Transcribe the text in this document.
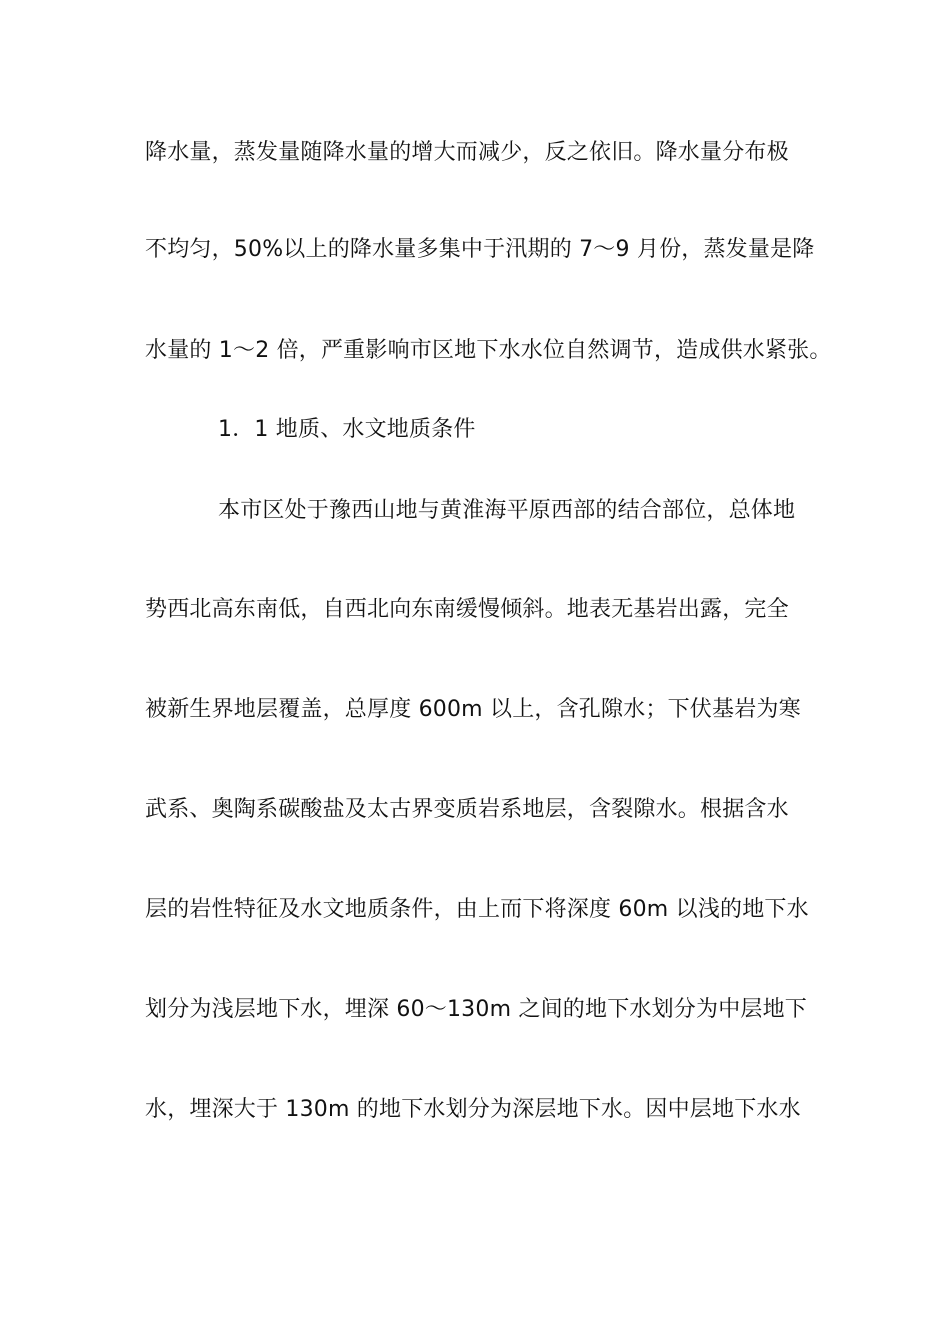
降水量，蒸发量随降水量的增大而减少，反之依旧。降水量分布极
不均匀，50%以上的降水量多集中于汛期的 7～9 月份，蒸发量是降
水量的 1～2 倍，严重影响市区地下水水位自然调节，造成供水紧张。
1．1 地质、水文地质条件
本市区处于豫西山地与黄淮海平原西部的结合部位，总体地
势西北高东南低，自西北向东南缓慢倾斜。地表无基岩出露，完全
被新生界地层覆盖，总厚度 600m 以上，含孔隙水；下伏基岩为寒
武系、奥陶系碳酸盐及太古界变质岩系地层，含裂隙水。根据含水
层的岩性特征及水文地质条件，由上而下将深度 60m 以浅的地下水
划分为浅层地下水，埋深 60～130m 之间的地下水划分为中层地下
水，埋深大于 130m 的地下水划分为深层地下水。因中层地下水水
